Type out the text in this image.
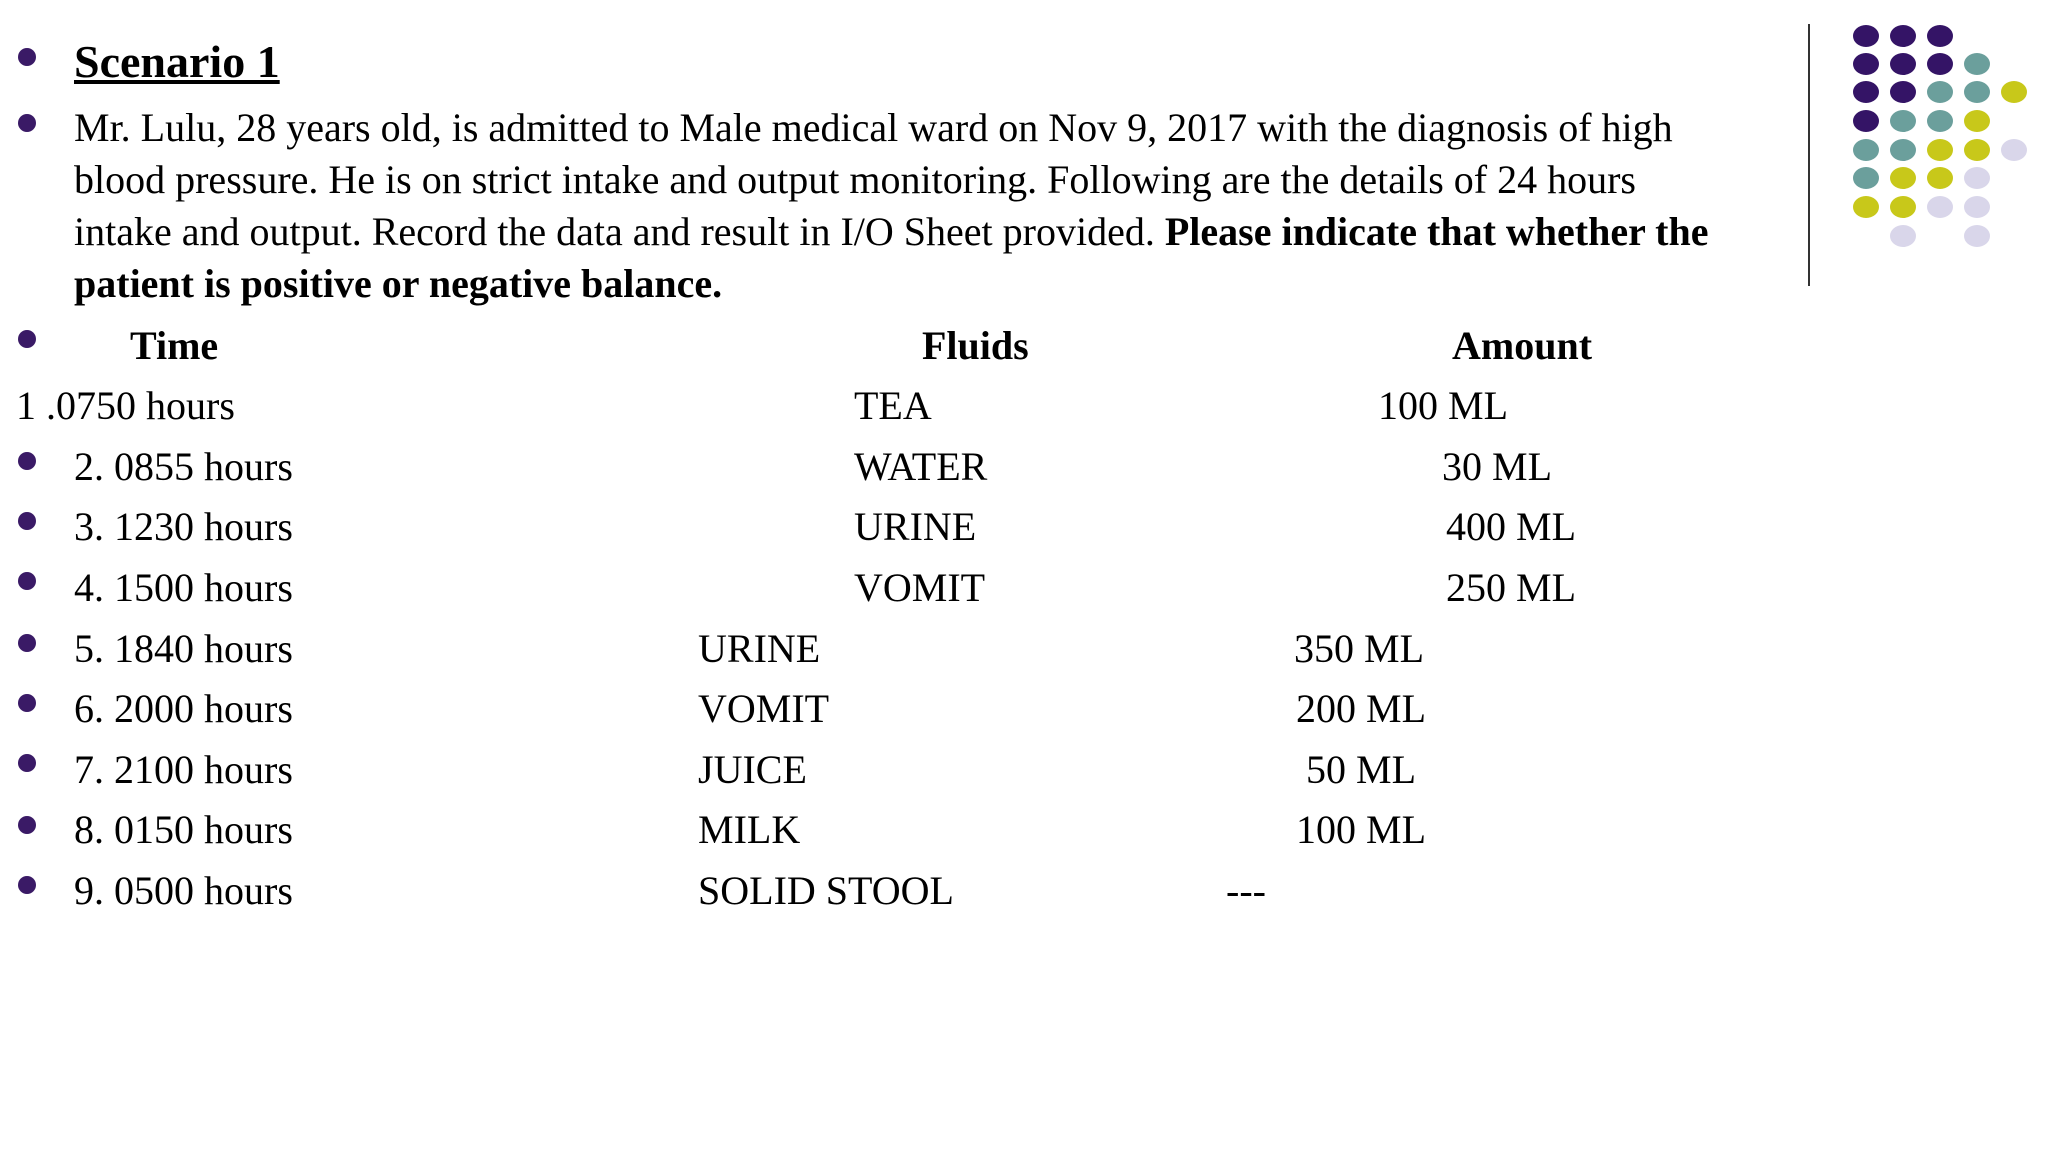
Scenario 1
Mr. Lulu, 28 years old, is admitted to Male medical ward on Nov 9, 2017 with the diagnosis of high
blood pressure. He is on strict intake and output monitoring. Following are the details of 24 hours
intake and output. Record the data and result in I/O Sheet provided. Please indicate that whether the
patient is positive or negative balance.
Time	Fluids	Amount
1 .0750 hours	TEA	100 ML
2. 0855 hours	WATER	30 ML
3. 1230 hours	URINE	400 ML
4. 1500 hours	VOMIT	250 ML
5. 1840 hours	URINE	350 ML
6. 2000 hours	VOMIT	200 ML
7. 2100 hours	JUICE	50 ML
8. 0150 hours	MILK	100 ML
9. 0500 hours	SOLID STOOL	---
